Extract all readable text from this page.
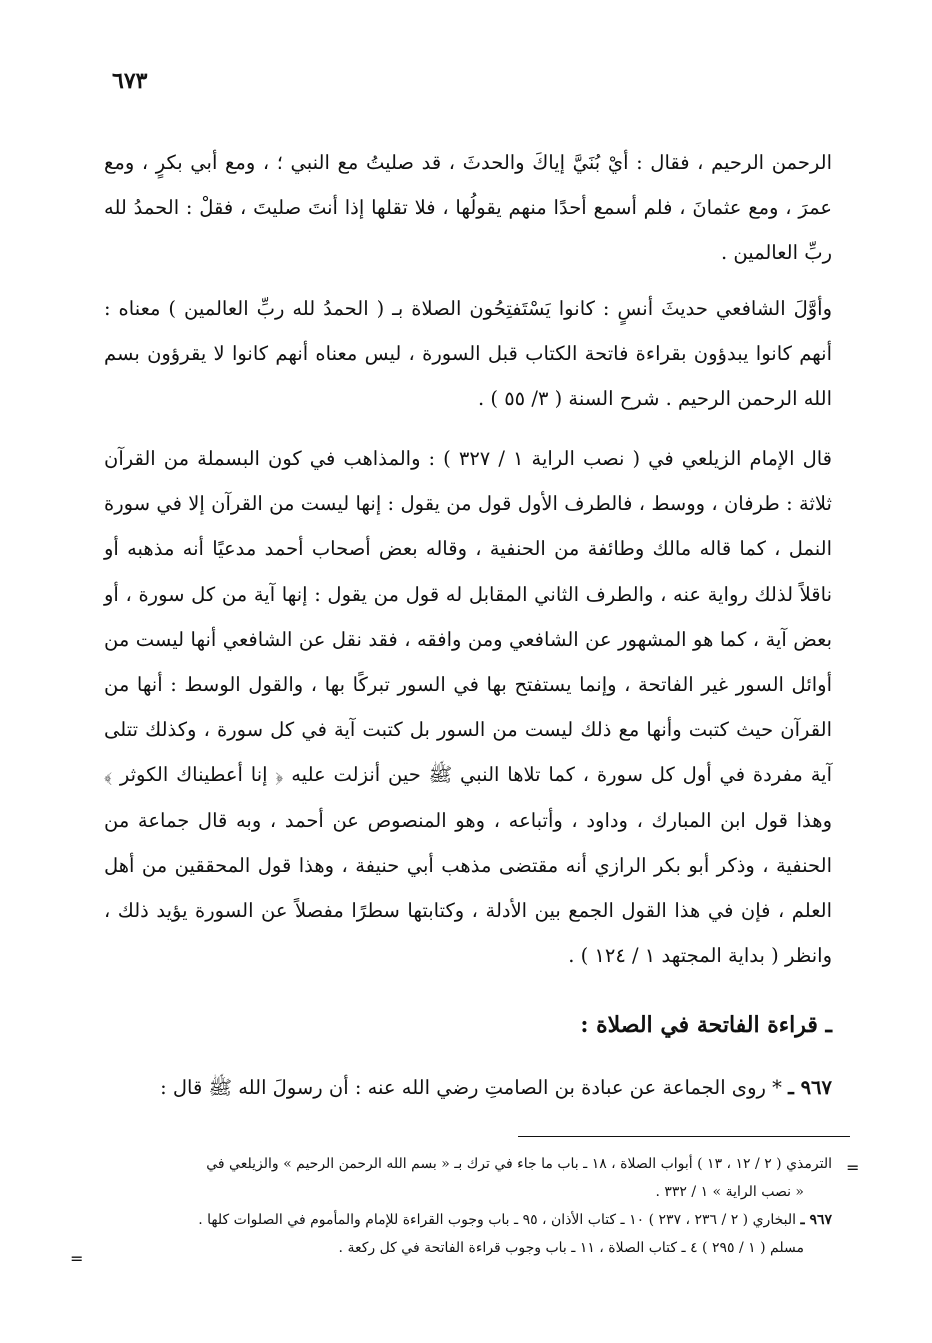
٦٧٣
الرحمن الرحيم ، فقال : أيْ بُنَيَّ إياكَ والحدثَ ، قد صليتُ مع النبي ؛ ، ومع أبي بكرٍ ، ومع عمرَ ، ومع عثمانَ ، فلم أسمع أحدًا منهم يقولُها ، فلا تقلها إذا أنتَ صليتَ ، فقلْ : الحمدُ لله ربِّ العالمين .
وأوَّلَ الشافعي حديثَ أنسٍ : كانوا يَسْتَفتِحُون الصلاة بـ ( الحمدُ لله ربِّ العالمين ) معناه : أنهم كانوا يبدؤون بقراءة فاتحة الكتاب قبل السورة ، ليس معناه أنهم كانوا لا يقرؤون بسم الله الرحمن الرحيم . شرح السنة ( ٣/ ٥٥ ) .
قال الإمام الزيلعي في ( نصب الراية ١ / ٣٢٧ ) : والمذاهب في كون البسملة من القرآن ثلاثة : طرفان ، ووسط ، فالطرف الأول قول من يقول : إنها ليست من القرآن إلا في سورة النمل ، كما قاله مالك وطائفة من الحنفية ، وقاله بعض أصحاب أحمد مدعيًا أنه مذهبه أو ناقلاً لذلك رواية عنه ، والطرف الثاني المقابل له قول من يقول : إنها آية من كل سورة ، أو بعض آية ، كما هو المشهور عن الشافعي ومن وافقه ، فقد نقل عن الشافعي أنها ليست من أوائل السور غير الفاتحة ، وإنما يستفتح بها في السور تبركًا بها ، والقول الوسط : أنها من القرآن حيث كتبت وأنها مع ذلك ليست من السور بل كتبت آية في كل سورة ، وكذلك تتلى آية مفردة في أول كل سورة ، كما تلاها النبي ﷺ حين أنزلت عليه ﴿ إنا أعطيناك الكوثر ﴾ وهذا قول ابن المبارك ، وداود ، وأتباعه ، وهو المنصوص عن أحمد ، وبه قال جماعة من الحنفية ، وذكر أبو بكر الرازي أنه مقتضى مذهب أبي حنيفة ، وهذا قول المحققين من أهل العلم ، فإن في هذا القول الجمع بين الأدلة ، وكتابتها سطرًا مفصلاً عن السورة يؤيد ذلك ، وانظر ( بداية المجتهد ١ / ١٢٤ ) .
ـ قراءة الفاتحة في الصلاة :
٩٦٧ ـ * روى الجماعة عن عبادة بن الصامتِ رضي الله عنه : أن رسولَ الله ﷺ قال :
=
الترمذي ( ٢ / ١٢ ، ١٣ ) أبواب الصلاة ، ١٨ ـ باب ما جاء في ترك بـ « بسم الله الرحمن الرحيم » والزيلعي في
« نصب الراية » ١ / ٣٣٢ .
٩٦٧ ـ البخاري ( ٢ / ٢٣٦ ، ٢٣٧ ) ١٠ ـ كتاب الأذان ، ٩٥ ـ باب وجوب القراءة للإمام والمأموم في الصلوات كلها .
مسلم ( ١ / ٢٩٥ ) ٤ ـ كتاب الصلاة ، ١١ ـ باب وجوب قراءة الفاتحة في كل ركعة .
=
